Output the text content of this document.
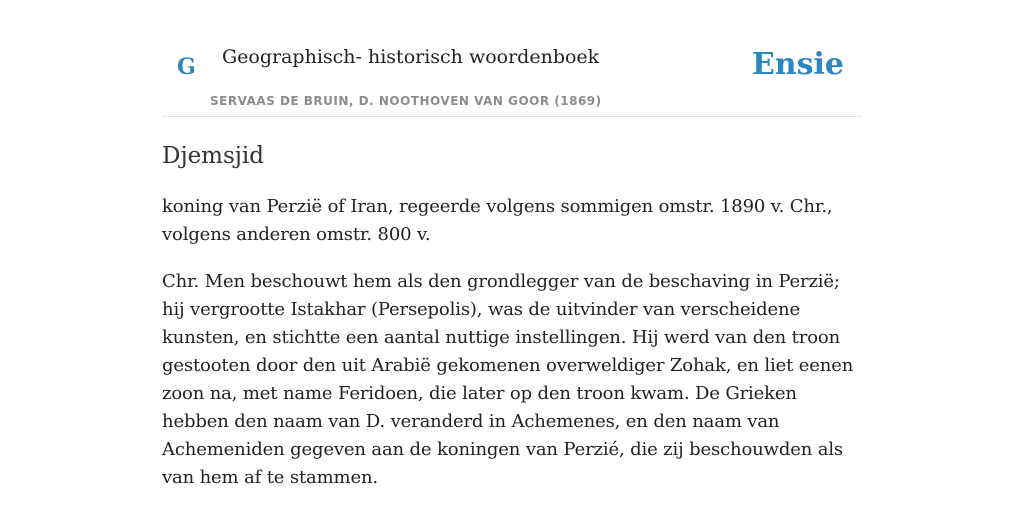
G Geographisch- historisch woordenboek
SERVAAS DE BRUIN, D. NOOTHOVEN VAN GOOR (1869)
Ensie
Djemsjid

koning van Perzië of Iran, regeerde volgens sommigen omstr. 1890 v. Chr., volgens anderen omstr. 800 v.

Chr. Men beschouwt hem als den grondlegger van de beschaving in Perzië; hij vergrootte Istakhar (Persepolis), was de uitvinder van verscheidene kunsten, en stichtte een aantal nuttige instellingen. Hij werd van den troon gestooten door den uit Arabië gekomenen overweldiger Zohak, en liet eenen zoon na, met name Feridoen, die later op den troon kwam. De Grieken hebben den naam van D. veranderd in Achemenes, en den naam van Achemeniden gegeven aan de koningen van Perzié, die zij beschouwden als van hem af te stammen.
